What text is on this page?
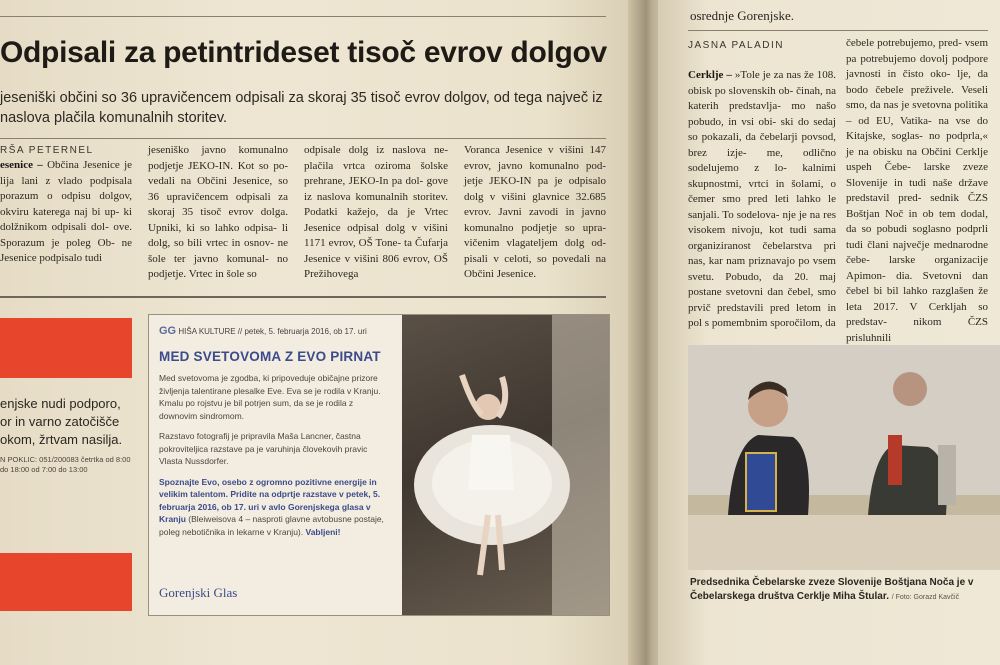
Odpisali za petintrideset tisoč evrov dolgov
jeseniški občini so 36 upravičencem odpisali za skoraj 35 tisoč evrov dolgov, od tega največ iz naslova plačila komunalnih storitev.
RŠA PETERNEL
esenice – Občina Jesenice je lija lani z vlado podpisala porazum o odpisu dolgov, okviru katerega naj bi up- ki dolžnikom odpisali dol- ove. Sporazum je poleg Ob- ne Jesenice podpisalo tudi
jeseniško javno komunalno podjetje JEKO-IN. Kot so po- vedali na Občini Jesenice, so 36 upravičencem odpisali za skoraj 35 tisoč evrov dolga. Upniki, ki so lahko odpisa- li dolg, so bili vrtec in osnov- ne šole ter javno komunal- no podjetje. Vrtec in šole so
odpisale dolg iz naslova ne- plačila vrtca oziroma šolske prehrane, JEKO-In pa dol- gove iz naslova komunalnih storitev. Podatki kažejo, da je Vrtec Jesenice odpisal dolg v višini 1171 evrov, OŠ Tone- ta Čufarja Jesenice v višini 806 evrov, OŠ Prežihovega
Voranca Jesenice v višini 147 evrov, javno komunalno pod- jetje JEKO-IN pa je odpisalo dolg v višini glavnice 32.685 evrov. Javni zavodi in javno komunalno podjetje so upra- vičenim vlagateljem dolg od- pisali v celoti, so povedali na Občini Jesenice.
enjske nudi podporo, or in varno zatočišče okom, žrtvam nasilja.
N POKLIC: 051/200083 četrtka od 8:00 do 18:00 od 7:00 do 13:00
GG HIŠA KULTURE // petek, 5. februarja 2016, ob 17. uri
MED SVETOVOMA Z EVO PIRNAT
Med svetovoma je zgodba, ki pripoveduje običajne prizore življenja talentirane plesalke Eve. Eva se je rodila v Kranju. Kmalu po rojstvu je bil potrjen sum, da se je rodila z downovim sindromom.
Razstavo fotografij je pripravila Maša Lancner, častna pokroviteljica razstave pa je varuhinja človekovih pravic Vlasta Nussdorfer.
Spoznajte Evo, osebo z ogromno pozitivne energije in velikim talentom. Pridite na odprtje razstave v petek, 5. februarja 2016, ob 17. uri v avlo Gorenjskega glasa v Kranju (Bleiweisova 4 – nasproti glavne avtobusne postaje, poleg nebotičnika in lekarne v Kranju). Vabljeni!
Gorenjski Glas
osrednje Gorenjske.
JASNA PALADIN
Cerklje – »Tole je za nas že 108. obisk po slovenskih ob- činah, na katerih predstavlja- mo našo pobudo, in vsi obi- ski do sedaj so pokazali, da čebelarji povsod, brez izje- me, odlično sodelujemo z lo- kalnimi skupnostmi, vrtci in šolami, o čemer smo pred leti lahko le sanjali. To sodelova- nje je na res visokem nivoju, kot tudi sama organiziranost čebelarstva pri nas, kar nam priznavajo po vsem svetu. Pobudo, da 20. maj postane svetovni dan čebel, smo prvič predstavili pred letom in pol s pomembnim sporočilom, da
čebele potrebujemo, pred- vsem pa potrebujemo dovolj podpore javnosti in čisto oko- lje, da bodo čebele preživele. Veseli smo, da nas je svetovna politika – od EU, Vatika- na vse do Kitajske, soglas- no podprla,« je na obisku na Občini Cerklje uspeh Čebe- larske zveze Slovenije in tudi naše države predstavil pred- sednik ČZS Boštjan Noč in ob tem dodal, da so pobudi soglasno podprli tudi člani največje mednarodne čebe- larske organizacije Apimon- dia. Svetovni dan čebel bi bil lahko razglašen že leta 2017. V Cerkljah so predstav- nikom ČZS prisluhnili
Predsednika Čebelarske zveze Slovenije Boštjana Noča je v Čebelarskega društva Cerklje Miha Štular. / Foto: Gorazd Kavčič
